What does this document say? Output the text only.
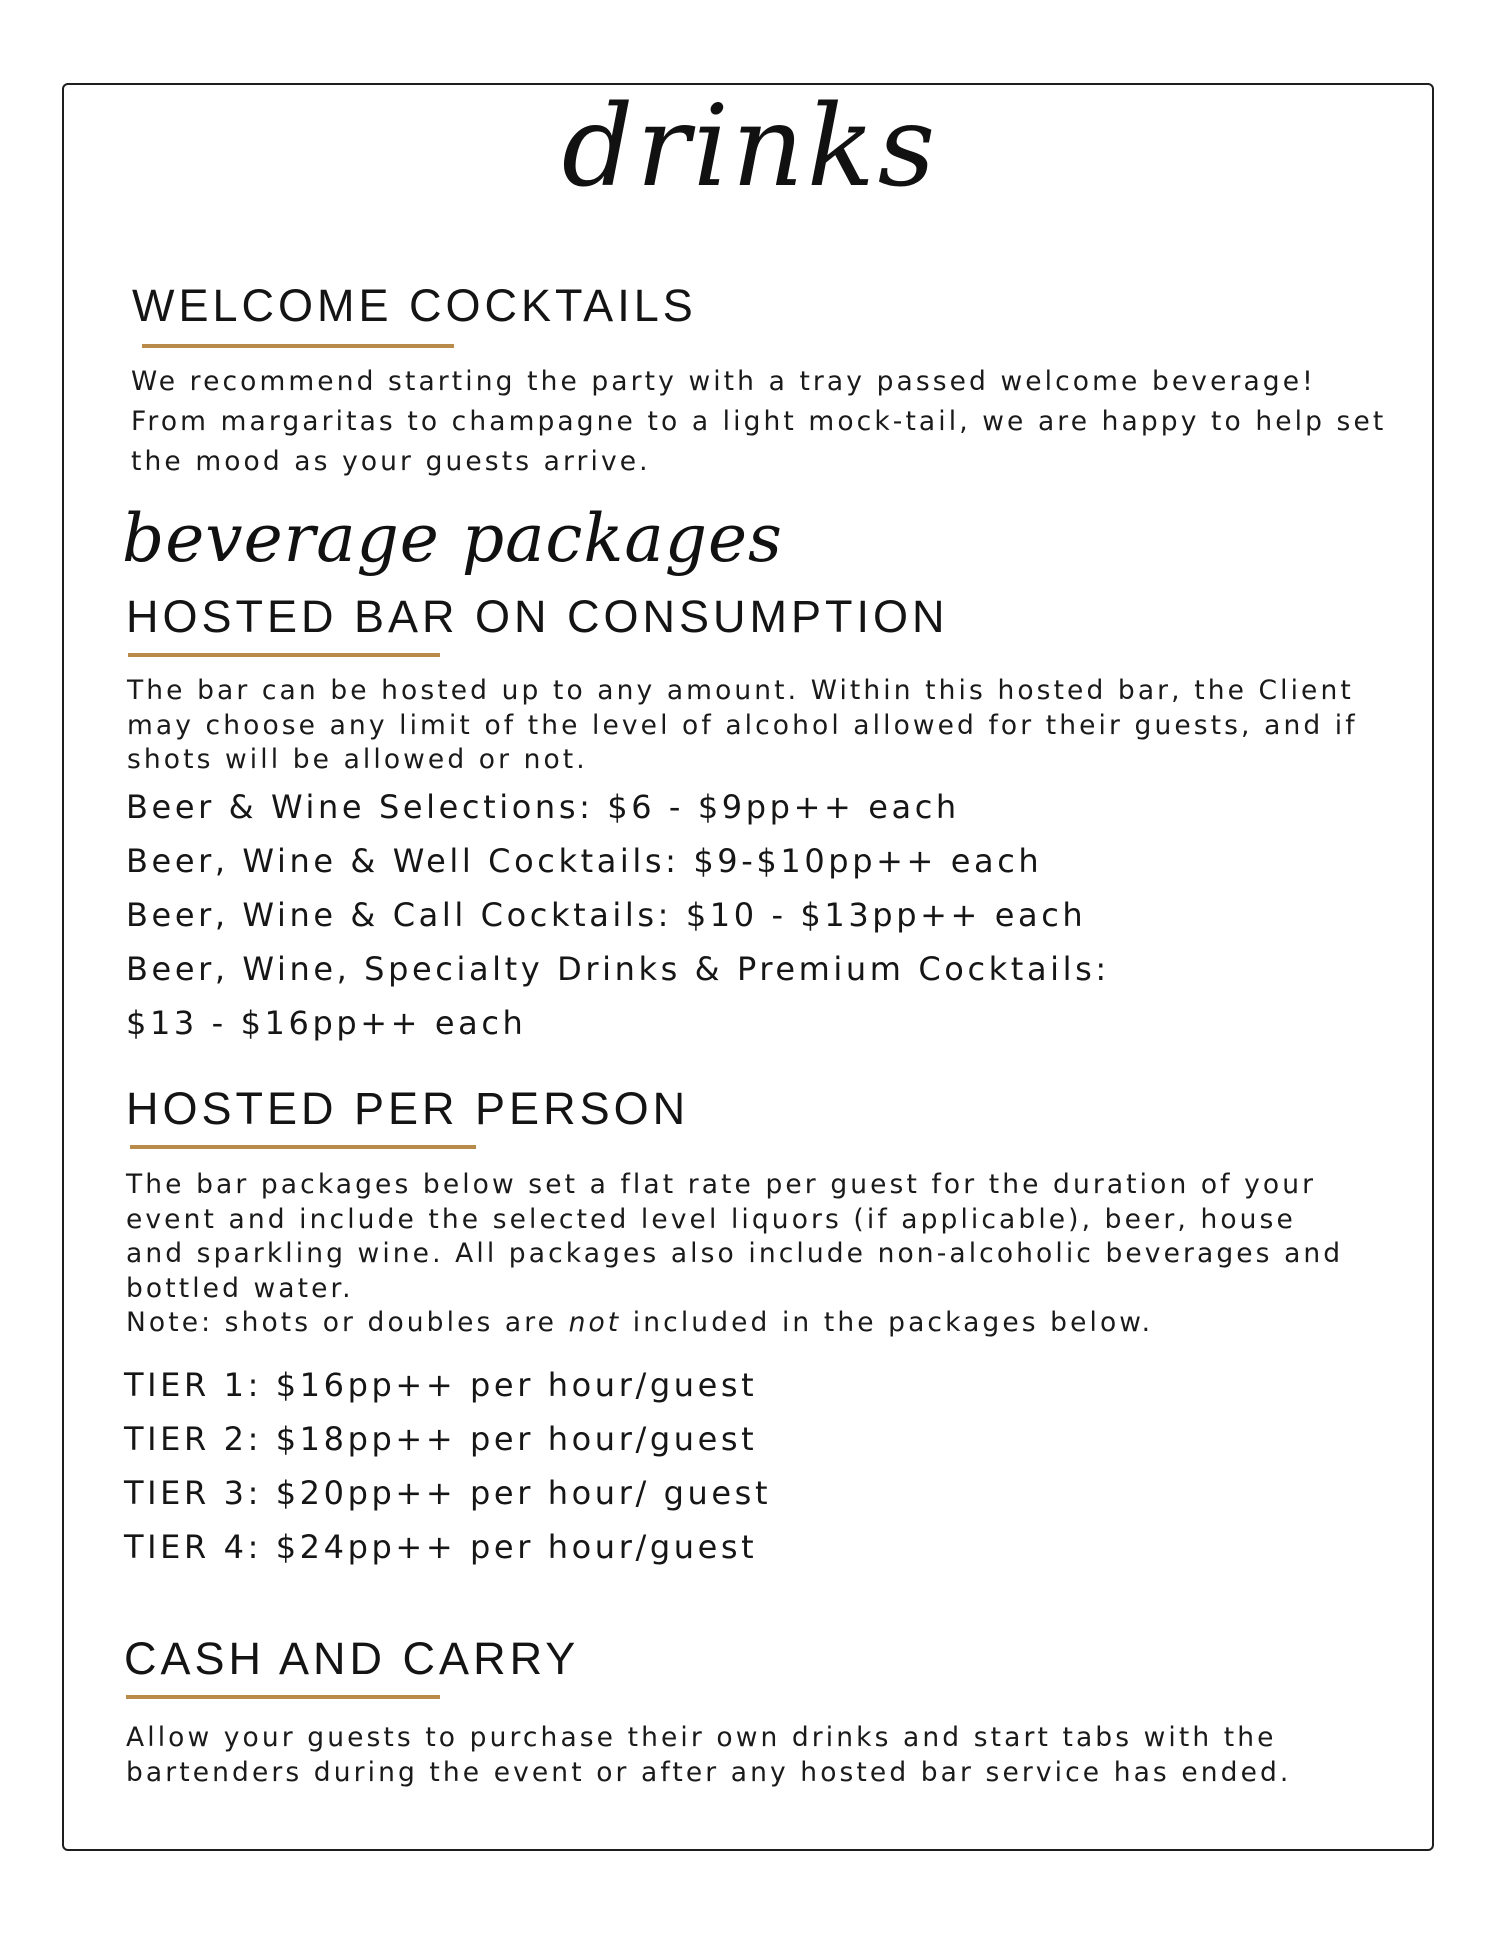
drinks
WELCOME COCKTAILS

We recommend starting the party with a tray passed welcome beverage! From margaritas to champagne to a light mock-tail, we are happy to help set the mood as your guests arrive.

beverage packages
HOSTED BAR ON CONSUMPTION

The bar can be hosted up to any amount. Within this hosted bar, the Client may choose any limit of the level of alcohol allowed for their guests, and if shots will be allowed or not.

Beer & Wine Selections: $6 - $9pp++ each
Beer, Wine & Well Cocktails: $9-$10pp++ each
Beer, Wine & Call Cocktails: $10 - $13pp++ each
Beer, Wine, Specialty Drinks & Premium Cocktails:
$13 - $16pp++ each
HOSTED PER PERSON
The bar packages below set a flat rate per guest for the duration of your
event and include the selected level liquors (if applicable), beer, house
and sparkling wine. All packages also include non-alcoholic beverages and
bottled water.
Note: shots or doubles are not included in the packages below.
TIER 1: $16pp++ per hour/guest
TIER 2: $18pp++ per hour/guest
TIER 3: $20pp++ per hour/ guest
TIER 4: $24pp++ per hour/guest
CASH AND CARRY

Allow your guests to purchase their own drinks and start tabs with the bartenders during the event or after any hosted bar service has ended.
